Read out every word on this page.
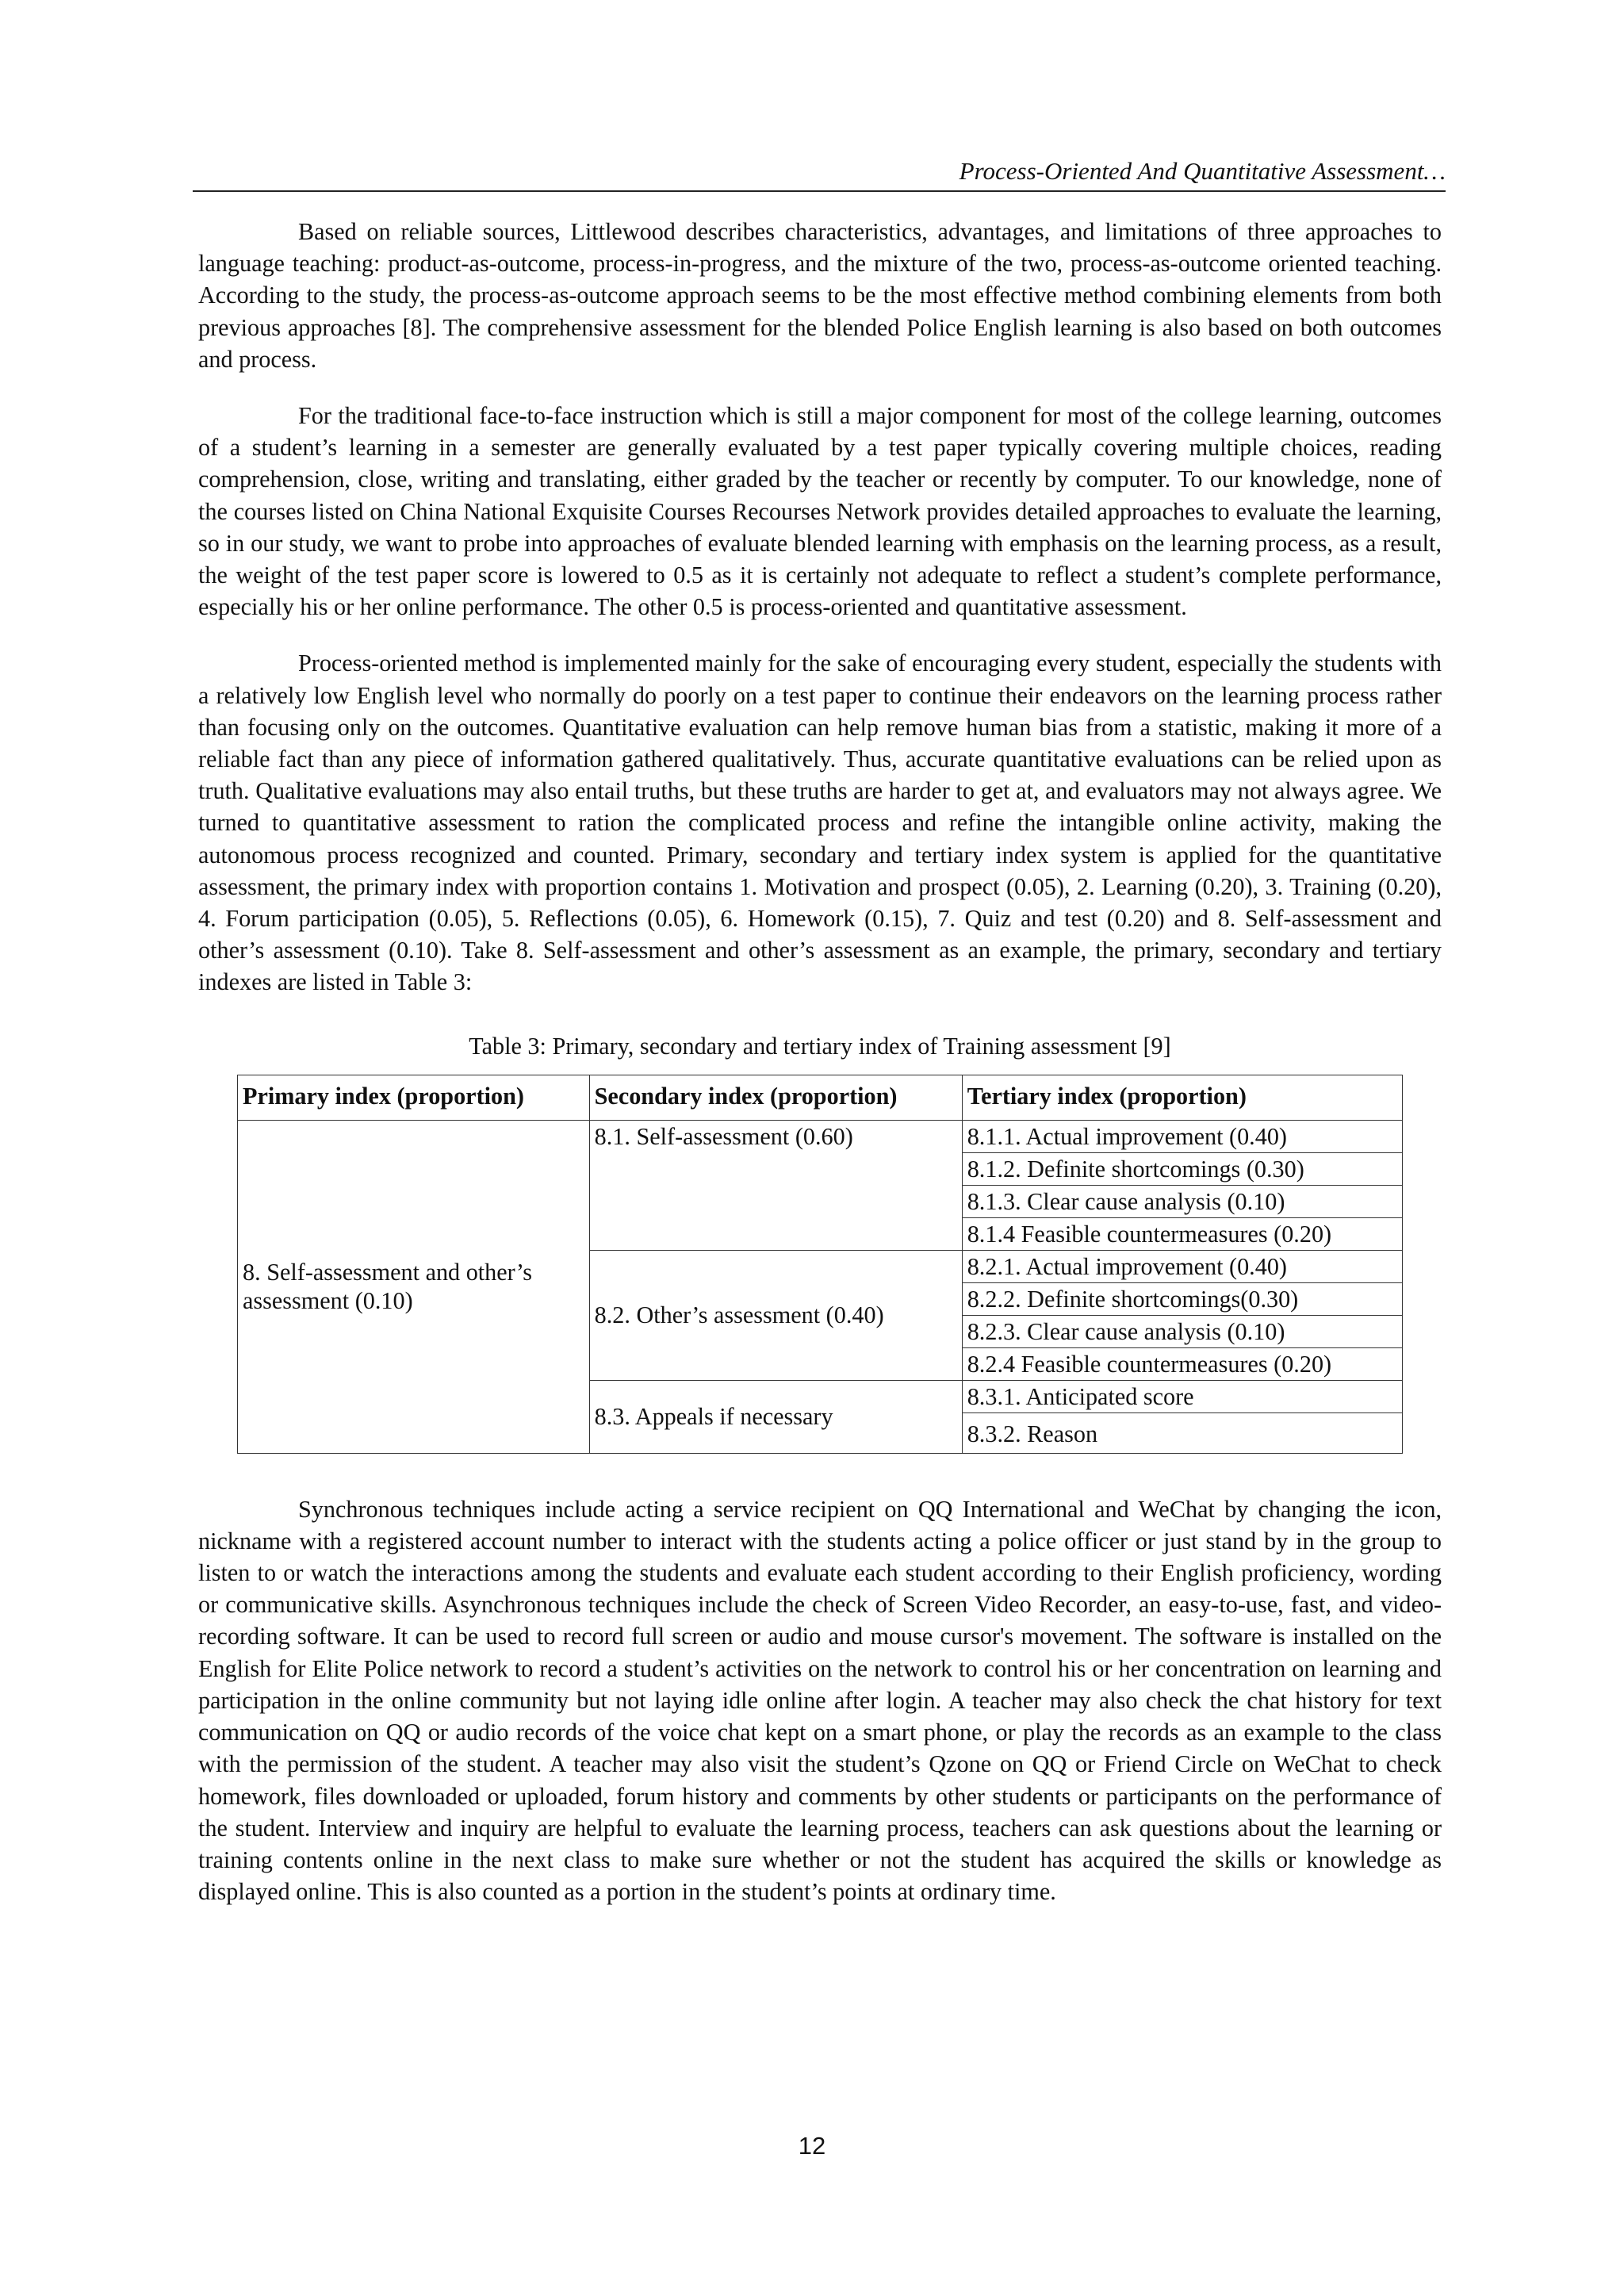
Process-Oriented And Quantitative Assessment…

Based on reliable sources, Littlewood describes characteristics, advantages, and limitations of three approaches to language teaching: product-as-outcome, process-in-progress, and the mixture of the two, process-as-outcome oriented teaching. According to the study, the process-as-outcome approach seems to be the most effective method combining elements from both previous approaches [8]. The comprehensive assessment for the blended Police English learning is also based on both outcomes and process.

For the traditional face-to-face instruction which is still a major component for most of the college learning, outcomes of a student’s learning in a semester are generally evaluated by a test paper typically covering multiple choices, reading comprehension, close, writing and translating, either graded by the teacher or recently by computer. To our knowledge, none of the courses listed on China National Exquisite Courses Recourses Network provides detailed approaches to evaluate the learning, so in our study, we want to probe into approaches of evaluate blended learning with emphasis on the learning process, as a result, the weight of the test paper score is lowered to 0.5 as it is certainly not adequate to reflect a student’s complete performance, especially his or her online performance. The other 0.5 is process-oriented and quantitative assessment.

Process-oriented method is implemented mainly for the sake of encouraging every student, especially the students with a relatively low English level who normally do poorly on a test paper to continue their endeavors on the learning process rather than focusing only on the outcomes. Quantitative evaluation can help remove human bias from a statistic, making it more of a reliable fact than any piece of information gathered qualitatively. Thus, accurate quantitative evaluations can be relied upon as truth. Qualitative evaluations may also entail truths, but these truths are harder to get at, and evaluators may not always agree. We turned to quantitative assessment to ration the complicated process and refine the intangible online activity, making the autonomous process recognized and counted. Primary, secondary and tertiary index system is applied for the quantitative assessment, the primary index with proportion contains 1. Motivation and prospect (0.05), 2. Learning (0.20), 3. Training (0.20), 4. Forum participation (0.05), 5. Reflections (0.05), 6. Homework (0.15), 7. Quiz and test (0.20) and 8. Self-assessment and other’s assessment (0.10). Take 8. Self-assessment and other’s assessment as an example, the primary, secondary and tertiary indexes are listed in Table 3:

Table 3: Primary, secondary and tertiary index of Training assessment [9]
Primary index (proportion)	Secondary index (proportion)	Tertiary index (proportion)
8. Self-assessment and other’s assessment (0.10)	8.1. Self-assessment (0.60)	8.1.1. Actual improvement (0.40)
		8.1.2. Definite shortcomings (0.30)
		8.1.3. Clear cause analysis (0.10)
		8.1.4 Feasible countermeasures (0.20)
	8.2. Other’s assessment (0.40)	8.2.1. Actual improvement (0.40)
		8.2.2. Definite shortcomings(0.30)
		8.2.3. Clear cause analysis (0.10)
		8.2.4 Feasible countermeasures (0.20)
	8.3. Appeals if necessary	8.3.1. Anticipated score
		8.3.2. Reason

Synchronous techniques include acting a service recipient on QQ International and WeChat by changing the icon, nickname with a registered account number to interact with the students acting a police officer or just stand by in the group to listen to or watch the interactions among the students and evaluate each student according to their English proficiency, wording or communicative skills. Asynchronous techniques include the check of Screen Video Recorder, an easy-to-use, fast, and video-recording software. It can be used to record full screen or audio and mouse cursor's movement. The software is installed on the English for Elite Police network to record a student’s activities on the network to control his or her concentration on learning and participation in the online community but not laying idle online after login. A teacher may also check the chat history for text communication on QQ or audio records of the voice chat kept on a smart phone, or play the records as an example to the class with the permission of the student. A teacher may also visit the student’s Qzone on QQ or Friend Circle on WeChat to check homework, files downloaded or uploaded, forum history and comments by other students or participants on the performance of the student. Interview and inquiry are helpful to evaluate the learning process, teachers can ask questions about the learning or training contents online in the next class to make sure whether or not the student has acquired the skills or knowledge as displayed online. This is also counted as a portion in the student’s points at ordinary time.

12
